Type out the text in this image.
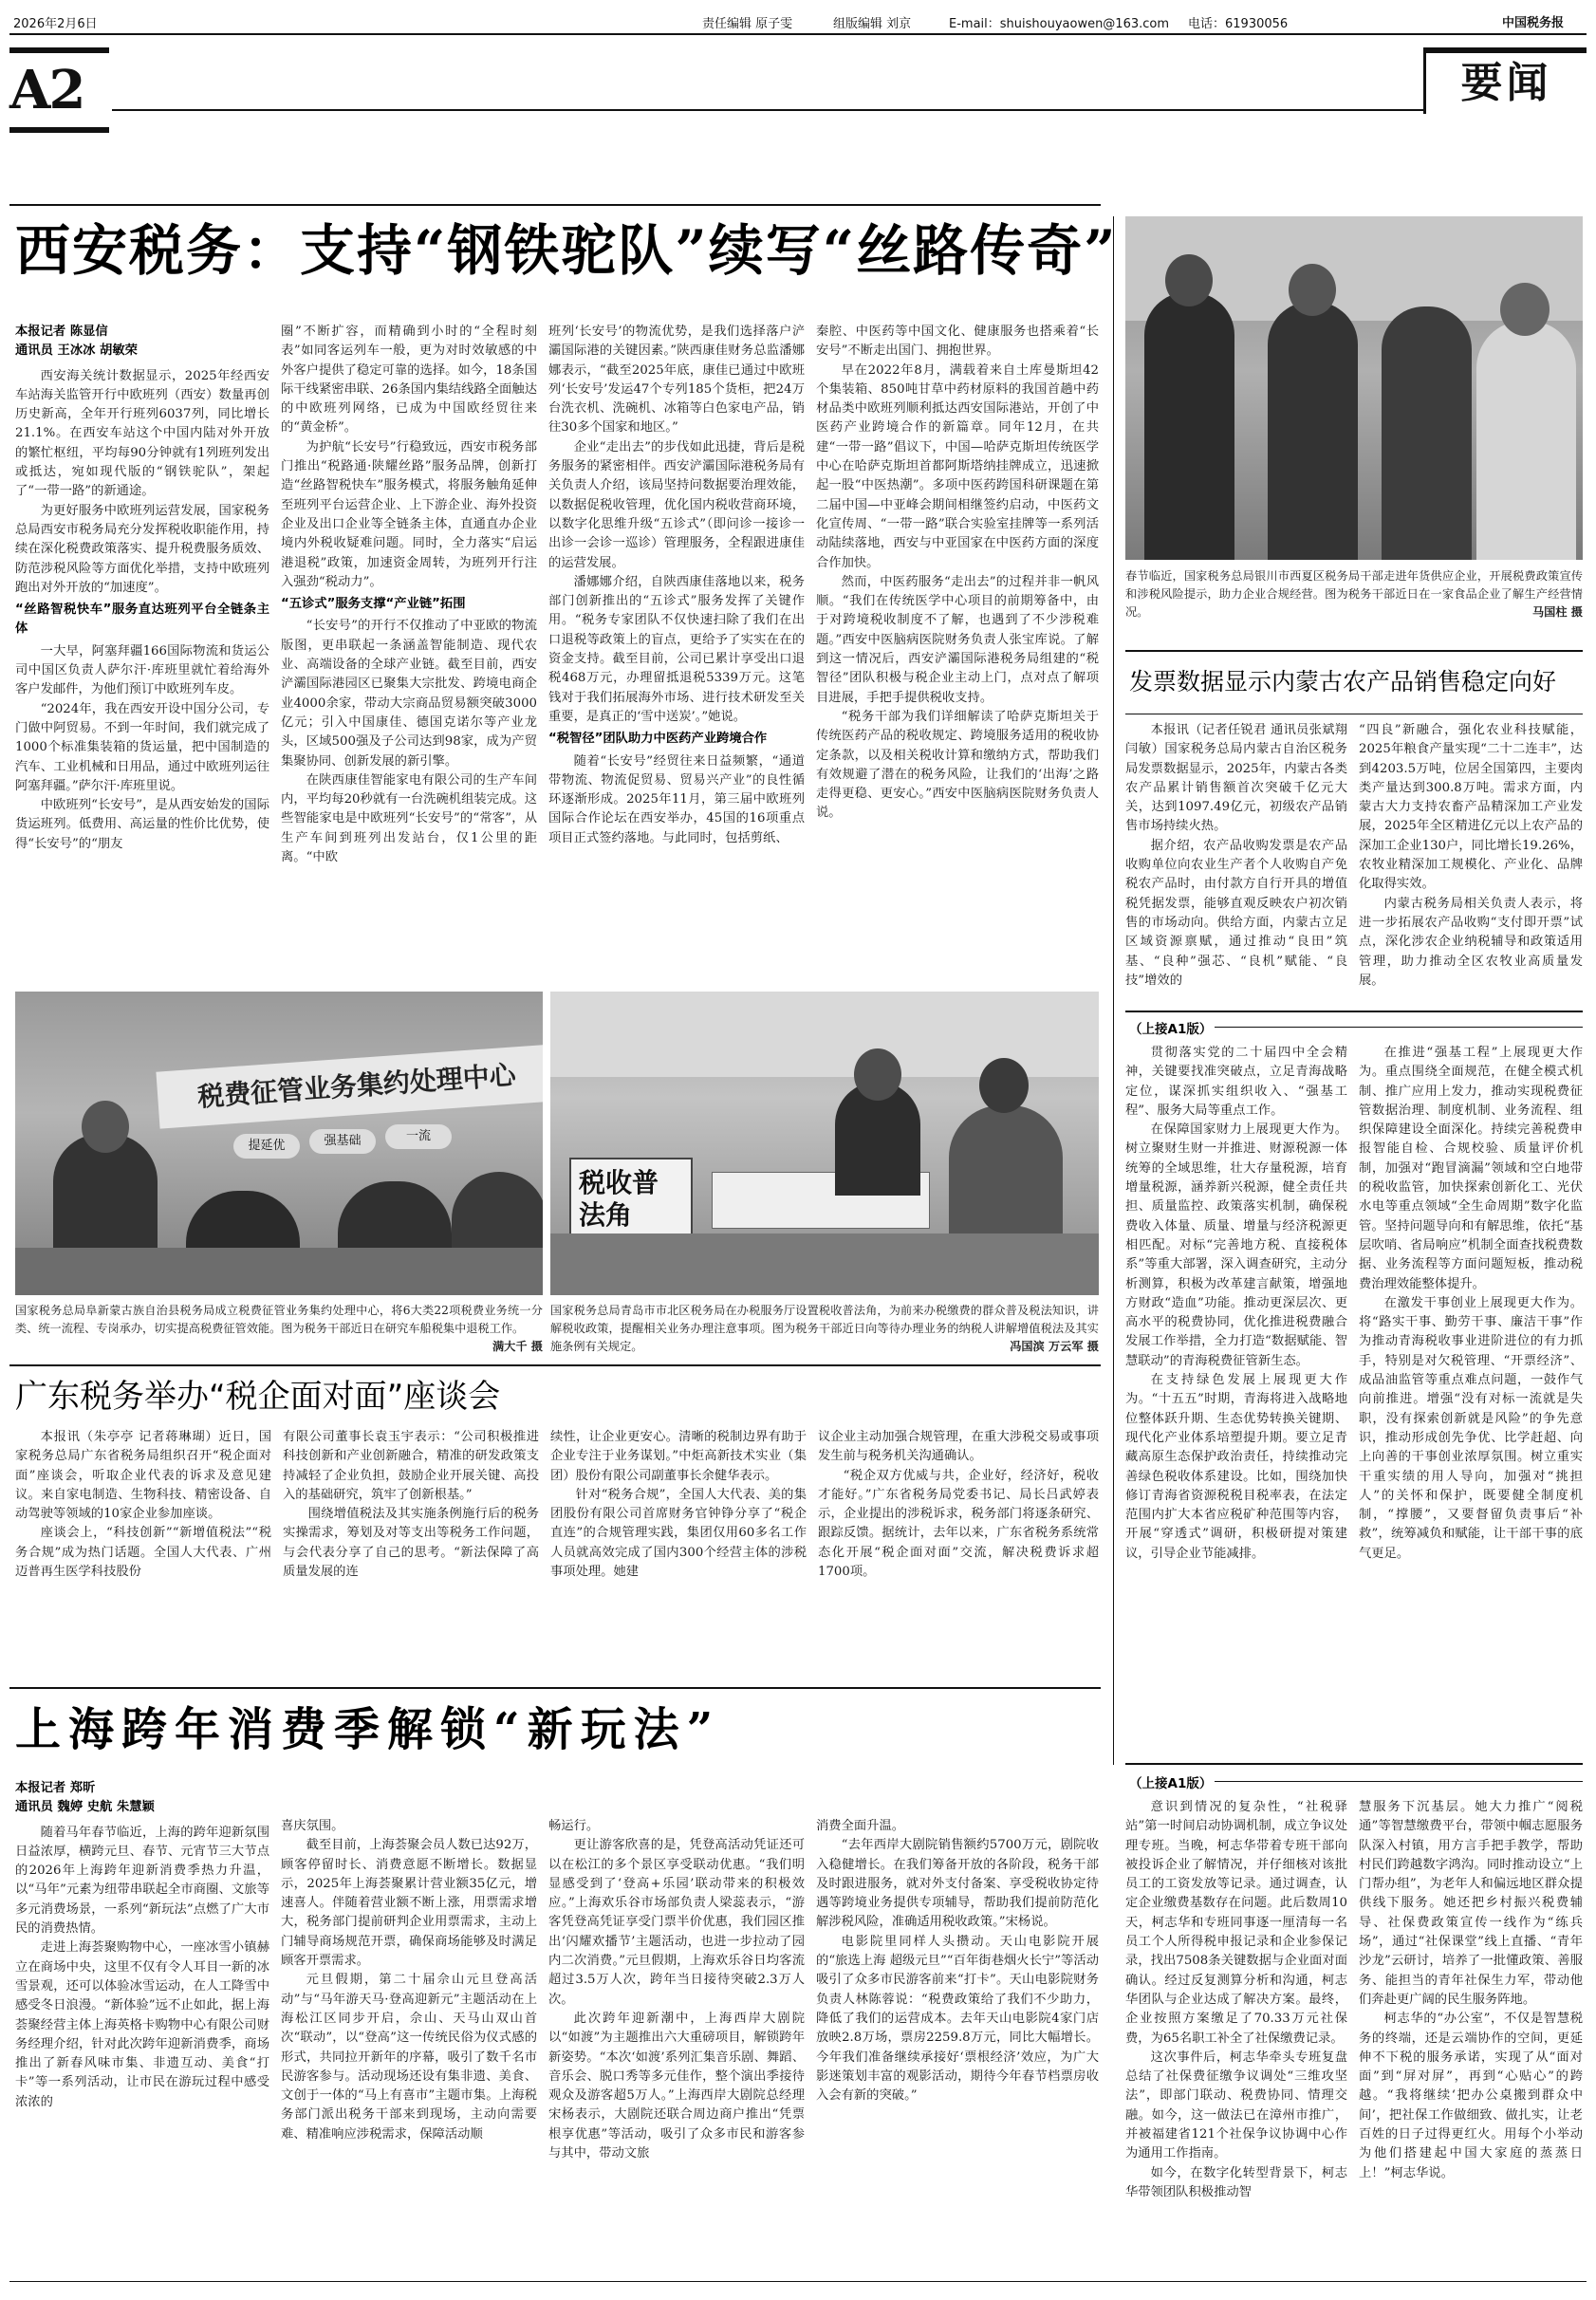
2026年2月6日	责任编辑 原子雯	组版编辑 刘京	E-mail：shuishouyaowen@163.com 电话：61930056	中国税务报
A2	要闻
西安税务：支持“钢铁驼队”续写“丝路传奇”

本报记者 陈显信

通讯员 王冰冰 胡敏荣

西安海关统计数据显示，2025年经西安车站海关监管开行中欧班列（西安）数量再创历史新高，全年开行班列6037列，同比增长21.1%。在西安车站这个中国内陆对外开放的繁忙枢纽，平均每90分钟就有1列班列发出或抵达，宛如现代版的“钢铁驼队”，架起了“一带一路”的新通途。

为更好服务中欧班列运营发展，国家税务总局西安市税务局充分发挥税收职能作用，持续在深化税费政策落实、提升税费服务质效、防范涉税风险等方面优化举措，支持中欧班列跑出对外开放的“加速度”。

“丝路智税快车”服务直达班列平台全链条主体

一大早，阿塞拜疆166国际物流和货运公司中国区负责人萨尔汗·库班里就忙着给海外客户发邮件，为他们预订中欧班列车皮。

“2024年，我在西安开设中国分公司，专门做中阿贸易。不到一年时间，我们就完成了1000个标准集装箱的货运量，把中国制造的汽车、工业机械和日用品，通过中欧班列运往阿塞拜疆。”萨尔汗·库班里说。

中欧班列“长安号”，是从西安始发的国际货运班列。低费用、高运量的性价比优势，使得“长安号”的“朋友

圈”不断扩容，而精确到小时的“全程时刻表”如同客运列车一般，更为对时效敏感的中外客户提供了稳定可靠的选择。如今，18条国际干线紧密串联、26条国内集结线路全面触达的中欧班列网络，已成为中国欧经贸往来的“黄金桥”。

为护航“长安号”行稳致远，西安市税务部门推出“税路通·陕耀丝路”服务品牌，创新打造“丝路智税快车”服务模式，将服务触角延伸至班列平台运营企业、上下游企业、海外投资企业及出口企业等全链条主体，直通直办企业境内外税收疑难问题。同时，全力落实“启运港退税”政策，加速资金周转，为班列开行注入强劲“税动力”。

“五诊式”服务支撑“产业链”拓围

“长安号”的开行不仅推动了中亚欧的物流版图，更串联起一条涵盖智能制造、现代农业、高端设备的全球产业链。截至目前，西安浐灞国际港园区已聚集大宗批发、跨境电商企业4000余家，带动大宗商品贸易额突破3000亿元；引入中国康佳、德国克诺尔等产业龙头，区域500强及子公司达到98家，成为产贸集聚协同、创新发展的新引擎。

在陕西康佳智能家电有限公司的生产车间内，平均每20秒就有一台洗碗机组装完成。这些智能家电是中欧班列“长安号”的“常客”，从生产车间到班列出发站台，仅1公里的距离。“中欧

班列‘长安号’的物流优势，是我们选择落户浐灞国际港的关键因素。”陕西康佳财务总监潘娜娜表示，“截至2025年底，康佳已通过中欧班列‘长安号’发运47个专列185个货柜，把24万台洗衣机、洗碗机、冰箱等白色家电产品，销往30多个国家和地区。”

企业“走出去”的步伐如此迅捷，背后是税务服务的紧密相伴。西安浐灞国际港税务局有关负责人介绍，该局坚持问数据要治理效能，以数据促税收管理，优化国内税收营商环境，以数字化思维升级“五诊式”（即问诊一接诊一出诊一会诊一巡诊）管理服务，全程跟进康佳的运营发展。

潘娜娜介绍，自陕西康佳落地以来，税务部门创新推出的“五诊式”服务发挥了关键作用。“税务专家团队不仅快速扫除了我们在出口退税等政策上的盲点，更给予了实实在在的资金支持。截至目前，公司已累计享受出口退税468万元，办理留抵退税5339万元。这笔钱对于我们拓展海外市场、进行技术研发至关重要，是真正的‘雪中送炭’。”她说。

“税智径”团队助力中医药产业跨境合作

随着“长安号”经贸往来日益频繁，“通道带物流、物流促贸易、贸易兴产业”的良性循环逐渐形成。2025年11月，第三届中欧班列国际合作论坛在西安举办，45国的16项重点项目正式签约落地。与此同时，包括剪纸、

秦腔、中医药等中国文化、健康服务也搭乘着“长安号”不断走出国门、拥抱世界。

早在2022年8月，满载着来自土库曼斯坦42个集装箱、850吨甘草中药材原料的我国首趟中药材品类中欧班列顺利抵达西安国际港站，开创了中医药产业跨境合作的新篇章。同年12月，在共建“一带一路”倡议下，中国—哈萨克斯坦传统医学中心在哈萨克斯坦首都阿斯塔纳挂牌成立，迅速掀起一股“中医热潮”。多项中医药跨国科研课题在第二届中国—中亚峰会期间相继签约启动，中医药文化宣传周、“一带一路”联合实验室挂牌等一系列活动陆续落地，西安与中亚国家在中医药方面的深度合作加快。

然而，中医药服务“走出去”的过程并非一帆风顺。“我们在传统医学中心项目的前期筹备中，由于对跨境税收制度不了解，也遇到了不少涉税难题。”西安中医脑病医院财务负责人张宝库说。了解到这一情况后，西安浐灞国际港税务局组建的“税智径”团队积极与税企业主动上门，点对点了解项目进展，手把手提供税收支持。

“税务干部为我们详细解读了哈萨克斯坦关于传统医药产品的税收规定、跨境服务适用的税收协定条款，以及相关税收计算和缴纳方式，帮助我们有效规避了潜在的税务风险，让我们的‘出海’之路走得更稳、更安心。”西安中医脑病医院财务负责人说。

税费征管业务集约处理中心
提延优	强基础	一流
国家税务总局阜新蒙古族自治县税务局成立税费征管业务集约处理中心，将6大类22项税费业务统一分类、统一流程、专岗承办，切实提高税费征管效能。图为税务干部近日在研究车船税集中退税工作。
满大千 摄
税收普法角
国家税务总局青岛市市北区税务局在办税服务厅设置税收普法角，为前来办税缴费的群众普及税法知识，讲解税收政策，提醒相关业务办理注意事项。图为税务干部近日向等待办理业务的纳税人讲解增值税法及其实施条例有关规定。	冯国滨 万云军 摄
广东税务举办“税企面对面”座谈会

本报讯（朱亭亭 记者蒋琳瑚）近日，国家税务总局广东省税务局组织召开“税企面对面”座谈会，听取企业代表的诉求及意见建议。来自家电制造、生物科技、精密设备、自动驾驶等领域的10家企业参加座谈。

座谈会上，“科技创新”“新增值税法”“税务合规”成为热门话题。全国人大代表、广州迈普再生医学科技股份

有限公司董事长袁玉宇表示：“公司积极推进科技创新和产业创新融合，精准的研发政策支持减轻了企业负担，鼓励企业开展关键、高投入的基础研究，筑牢了创新根基。”

围绕增值税法及其实施条例施行后的税务实操需求，筹划及对等支出等税务工作问题，与会代表分享了自己的思考。“新法保障了高质量发展的连

续性，让企业更安心。清晰的税制边界有助于企业专注于业务谋划。”中炬高新技术实业（集团）股份有限公司副董事长余健华表示。

针对“税务合规”，全国人大代表、美的集团股份有限公司首席财务官钟铮分享了“税企直连”的合规管理实践，集团仅用60多名工作人员就高效完成了国内300个经营主体的涉税事项处理。她建

议企业主动加强合规管理，在重大涉税交易或事项发生前与税务机关沟通确认。

“税企双方优威与共，企业好，经济好，税收才能好。”广东省税务局党委书记、局长吕武婷表示，企业提出的涉税诉求，税务部门将逐条研究、跟踪反馈。据统计，去年以来，广东省税务系统常态化开展“税企面对面”交流，解决税费诉求超1700项。

上海跨年消费季解锁“新玩法”

本报记者 郑昕

通讯员 魏婷 史航 朱慧颖

随着马年春节临近，上海的跨年迎新氛围日益浓厚，横跨元旦、春节、元宵节三大节点的2026年上海跨年迎新消费季热力升温，以“马年”元素为纽带串联起全市商圈、文旅等多元消费场景，一系列“新玩法”点燃了广大市民的消费热情。

走进上海荟聚购物中心，一座冰雪小镇赫立在商场中央，这里不仅有令人耳目一新的冰雪景观，还可以体验冰雪运动，在人工降雪中感受冬日浪漫。“新体验”远不止如此，据上海荟聚经营主体上海英格卡购物中心有限公司财务经理介绍，针对此次跨年迎新消费季，商场推出了新春风味市集、非遗互动、美食“打卡”等一系列活动，让市民在游玩过程中感受浓浓的

喜庆氛围。

截至目前，上海荟聚会员人数已达92万，顾客停留时长、消费意愿不断增长。数据显示，2025年上海荟聚累计营业额35亿元，增速喜人。伴随着营业额不断上涨，用票需求增大，税务部门提前研判企业用票需求，主动上门辅导商场规范开票，确保商场能够及时满足顾客开票需求。

元旦假期，第二十届佘山元旦登高活动”与“马年游天马·登高迎新元”主题活动在上海松江区同步开启，佘山、天马山双山首次“联动”，以“登高”这一传统民俗为仪式感的形式，共同拉开新年的序幕，吸引了数千名市民游客参与。活动现场还设有集非遗、美食、文创于一体的“马上有喜市”主题市集。上海税务部门派出税务干部来到现场，主动向需要难、精准响应涉税需求，保障活动顺

畅运行。

更让游客欣喜的是，凭登高活动凭证还可以在松江的多个景区享受联动优惠。“我们明显感受到了‘登高+乐园’联动带来的积极效应。”上海欢乐谷市场部负责人梁蕊表示，“游客凭登高凭证享受门票半价优惠，我们园区推出‘闪耀欢播节’主题活动，也进一步拉动了园内二次消费。”元旦假期，上海欢乐谷日均客流超过3.5万人次，跨年当日接待突破2.3万人次。

此次跨年迎新潮中，上海西岸大剧院以“如渡”为主题推出六大重磅项目，解锁跨年新姿势。“本次‘如渡’系列汇集音乐剧、舞蹈、音乐会、脱口秀等多元佳作，整个演出季接待观众及游客超5万人。”上海西岸大剧院总经理宋杨表示，大剧院还联合周边商户推出“凭票根享优惠”等活动，吸引了众多市民和游客参与其中，带动文旅

消费全面升温。

“去年西岸大剧院销售额约5700万元，剧院收入稳健增长。在我们筹备开放的各阶段，税务干部及时跟进服务，就对外支付备案、享受税收协定待遇等跨境业务提供专项辅导，帮助我们提前防范化解涉税风险，准确适用税收政策。”宋杨说。

电影院里同样人头攒动。天山电影院开展的“旅选上海 超级元旦”“百年街巷烟火长宁”等活动吸引了众多市民游客前来“打卡”。天山电影院财务负责人林陈蓉说：“税费政策给了我们不少助力，降低了我们的运营成本。去年天山电影院4家门店放映2.8万场，票房2259.8万元，同比大幅增长。今年我们准备继续承接好‘票根经济’效应，为广大影迷策划丰富的观影活动，期待今年春节档票房收入会有新的突破。”

春节临近，国家税务总局银川市西夏区税务局干部走进年货供应企业，开展税费政策宣传和涉税风险提示，助力企业合规经营。图为税务干部近日在一家食品企业了解生产经营情况。	马国柱 摄
发票数据显示内蒙古农产品销售稳定向好

本报讯（记者任锐君 通讯员张斌翔 闫敏）国家税务总局内蒙古自治区税务局发票数据显示，2025年，内蒙古各类农产品累计销售额首次突破千亿元大关，达到1097.49亿元，初级农产品销售市场持续火热。

据介绍，农产品收购发票是农产品收购单位向农业生产者个人收购自产免税农产品时，由付款方自行开具的增值税凭据发票，能够直观反映农户初次销售的市场动向。供给方面，内蒙古立足区域资源禀赋，通过推动“良田”筑基、“良种”强芯、“良机”赋能、“良技”增效的

“四良”新融合，强化农业科技赋能，2025年粮食产量实现“二十二连丰”，达到4203.5万吨，位居全国第四，主要肉类产量达到300.8万吨。需求方面，内蒙古大力支持农畜产品精深加工产业发展，2025年全区精进亿元以上农产品的深加工企业130户，同比增长19.26%，农牧业精深加工规模化、产业化、品牌化取得实效。

内蒙古税务局相关负责人表示，将进一步拓展农产品收购“支付即开票”试点，深化涉农企业纳税辅导和政策适用管理，助力推动全区农牧业高质量发展。

（上接A1版）

贯彻落实党的二十届四中全会精神，关键要找准突破点，立足青海战略定位，谋深抓实组织收入、“强基工程”、服务大局等重点工作。

在保障国家财力上展现更大作为。树立聚财生财一并推进、财源税源一体统筹的全域思维，壮大存量税源，培育增量税源，涵养新兴税源，健全责任共担、质量监控、政策落实机制，确保税费收入体量、质量、增量与经济税源更相匹配。对标“完善地方税、直接税体系”等重大部署，深入调查研究，主动分析测算，积极为改革建言献策，增强地方财政“造血”功能。推动更深层次、更高水平的税费协同，优化推进税费融合发展工作举措，全力打造“数据赋能、智慧联动”的青海税费征管新生态。

在支持绿色发展上展现更大作为。“十五五”时期，青海将进入战略地位整体跃升期、生态优势转换关键期、现代化产业体系培塑提升期。要立足青藏高原生态保护政治责任，持续推动完善绿色税收体系建设。比如，围绕加快修订青海省资源税税目税率表，在法定范围内扩大本省应税矿种范围等内容，开展“穿透式”调研，积极研提对策建议，引导企业节能减排。

在推进“强基工程”上展现更大作为。重点围绕全面规范，在健全模式机制、推广应用上发力，推动实现税费征管数据治理、制度机制、业务流程、组织保障建设全面深化。持续完善税费申报智能自检、合规校验、质量评价机制，加强对“跑冒滴漏”领域和空白地带的税收监管，加快探索创新化工、光伏水电等重点领域“全生命周期”数字化监管。坚持问题导向和有解思维，依托“基层吹哨、省局响应”机制全面查找税费数据、业务流程等方面问题短板，推动税费治理效能整体提升。

在激发干事创业上展现更大作为。将“路实干事、勤劳干事、廉洁干事”作为推动青海税收事业进阶进位的有力抓手，特别是对欠税管理、“开票经济”、成品油监管等重点难点问题，一鼓作气向前推进。增强“没有对标一流就是失职，没有探索创新就是风险”的争先意识，推动形成创先争优、比学赶超、向上向善的干事创业浓厚氛围。树立重实干重实绩的用人导向，加强对“挑担人”的关怀和保护，既要健全制度机制，“撑腰”，又要督留负责事后“补救”，统筹减负和赋能，让干部干事的底气更足。

（上接A1版）

意识到情况的复杂性，“社税驿站”第一时间启动协调机制，成立争议处理专班。当晚，柯志华带着专班干部向被投诉企业了解情况，并仔细核对该批员工的工资发放等记录。通过调查，认定企业缴费基数存在问题。此后数周10天，柯志华和专班同事逐一厘清每一名员工个人所得税申报记录和企业参保记录，找出7508条关键数据与企业面对面确认。经过反复测算分析和沟通，柯志华团队与企业达成了解决方案。最终，企业按照方案缴足了70.33万元社保费，为65名职工补全了社保缴费记录。

这次事件后，柯志华牵头专班复盘总结了社保费征缴争议调处“三维攻坚法”，即部门联动、税费协同、情理交融。如今，这一做法已在漳州市推广，并被福建省121个社保争议协调中心作为通用工作指南。

如今，在数字化转型背景下，柯志华带领团队积极推动智

慧服务下沉基层。她大力推广“阅税通”等智慧缴费平台，带领中帼志愿服务队深入村镇，用方言手把手教学，帮助村民们跨越数字鸿沟。同时推动设立“上门帮办组”，为老年人和偏远地区群众提供线下服务。她还把乡村振兴税费辅导、社保费政策宣传一线作为“练兵场”，通过“社保课堂”线上直播、“青年沙龙”云研讨，培养了一批懂政策、善服务、能担当的青年社保生力军，带动他们奔赴更广阔的民生服务阵地。

柯志华的“办公室”，不仅是智慧税务的终端，还是云端协作的空间，更延伸不下税的服务承诺，实现了从“面对面”到“屏对屏”，再到“心贴心”的跨越。“我将继续‘把办公桌搬到群众中间’，把社保工作做细致、做扎实，让老百姓的日子过得更红火。用每个小举动为他们搭建起中国大家庭的蒸蒸日上！”柯志华说。
